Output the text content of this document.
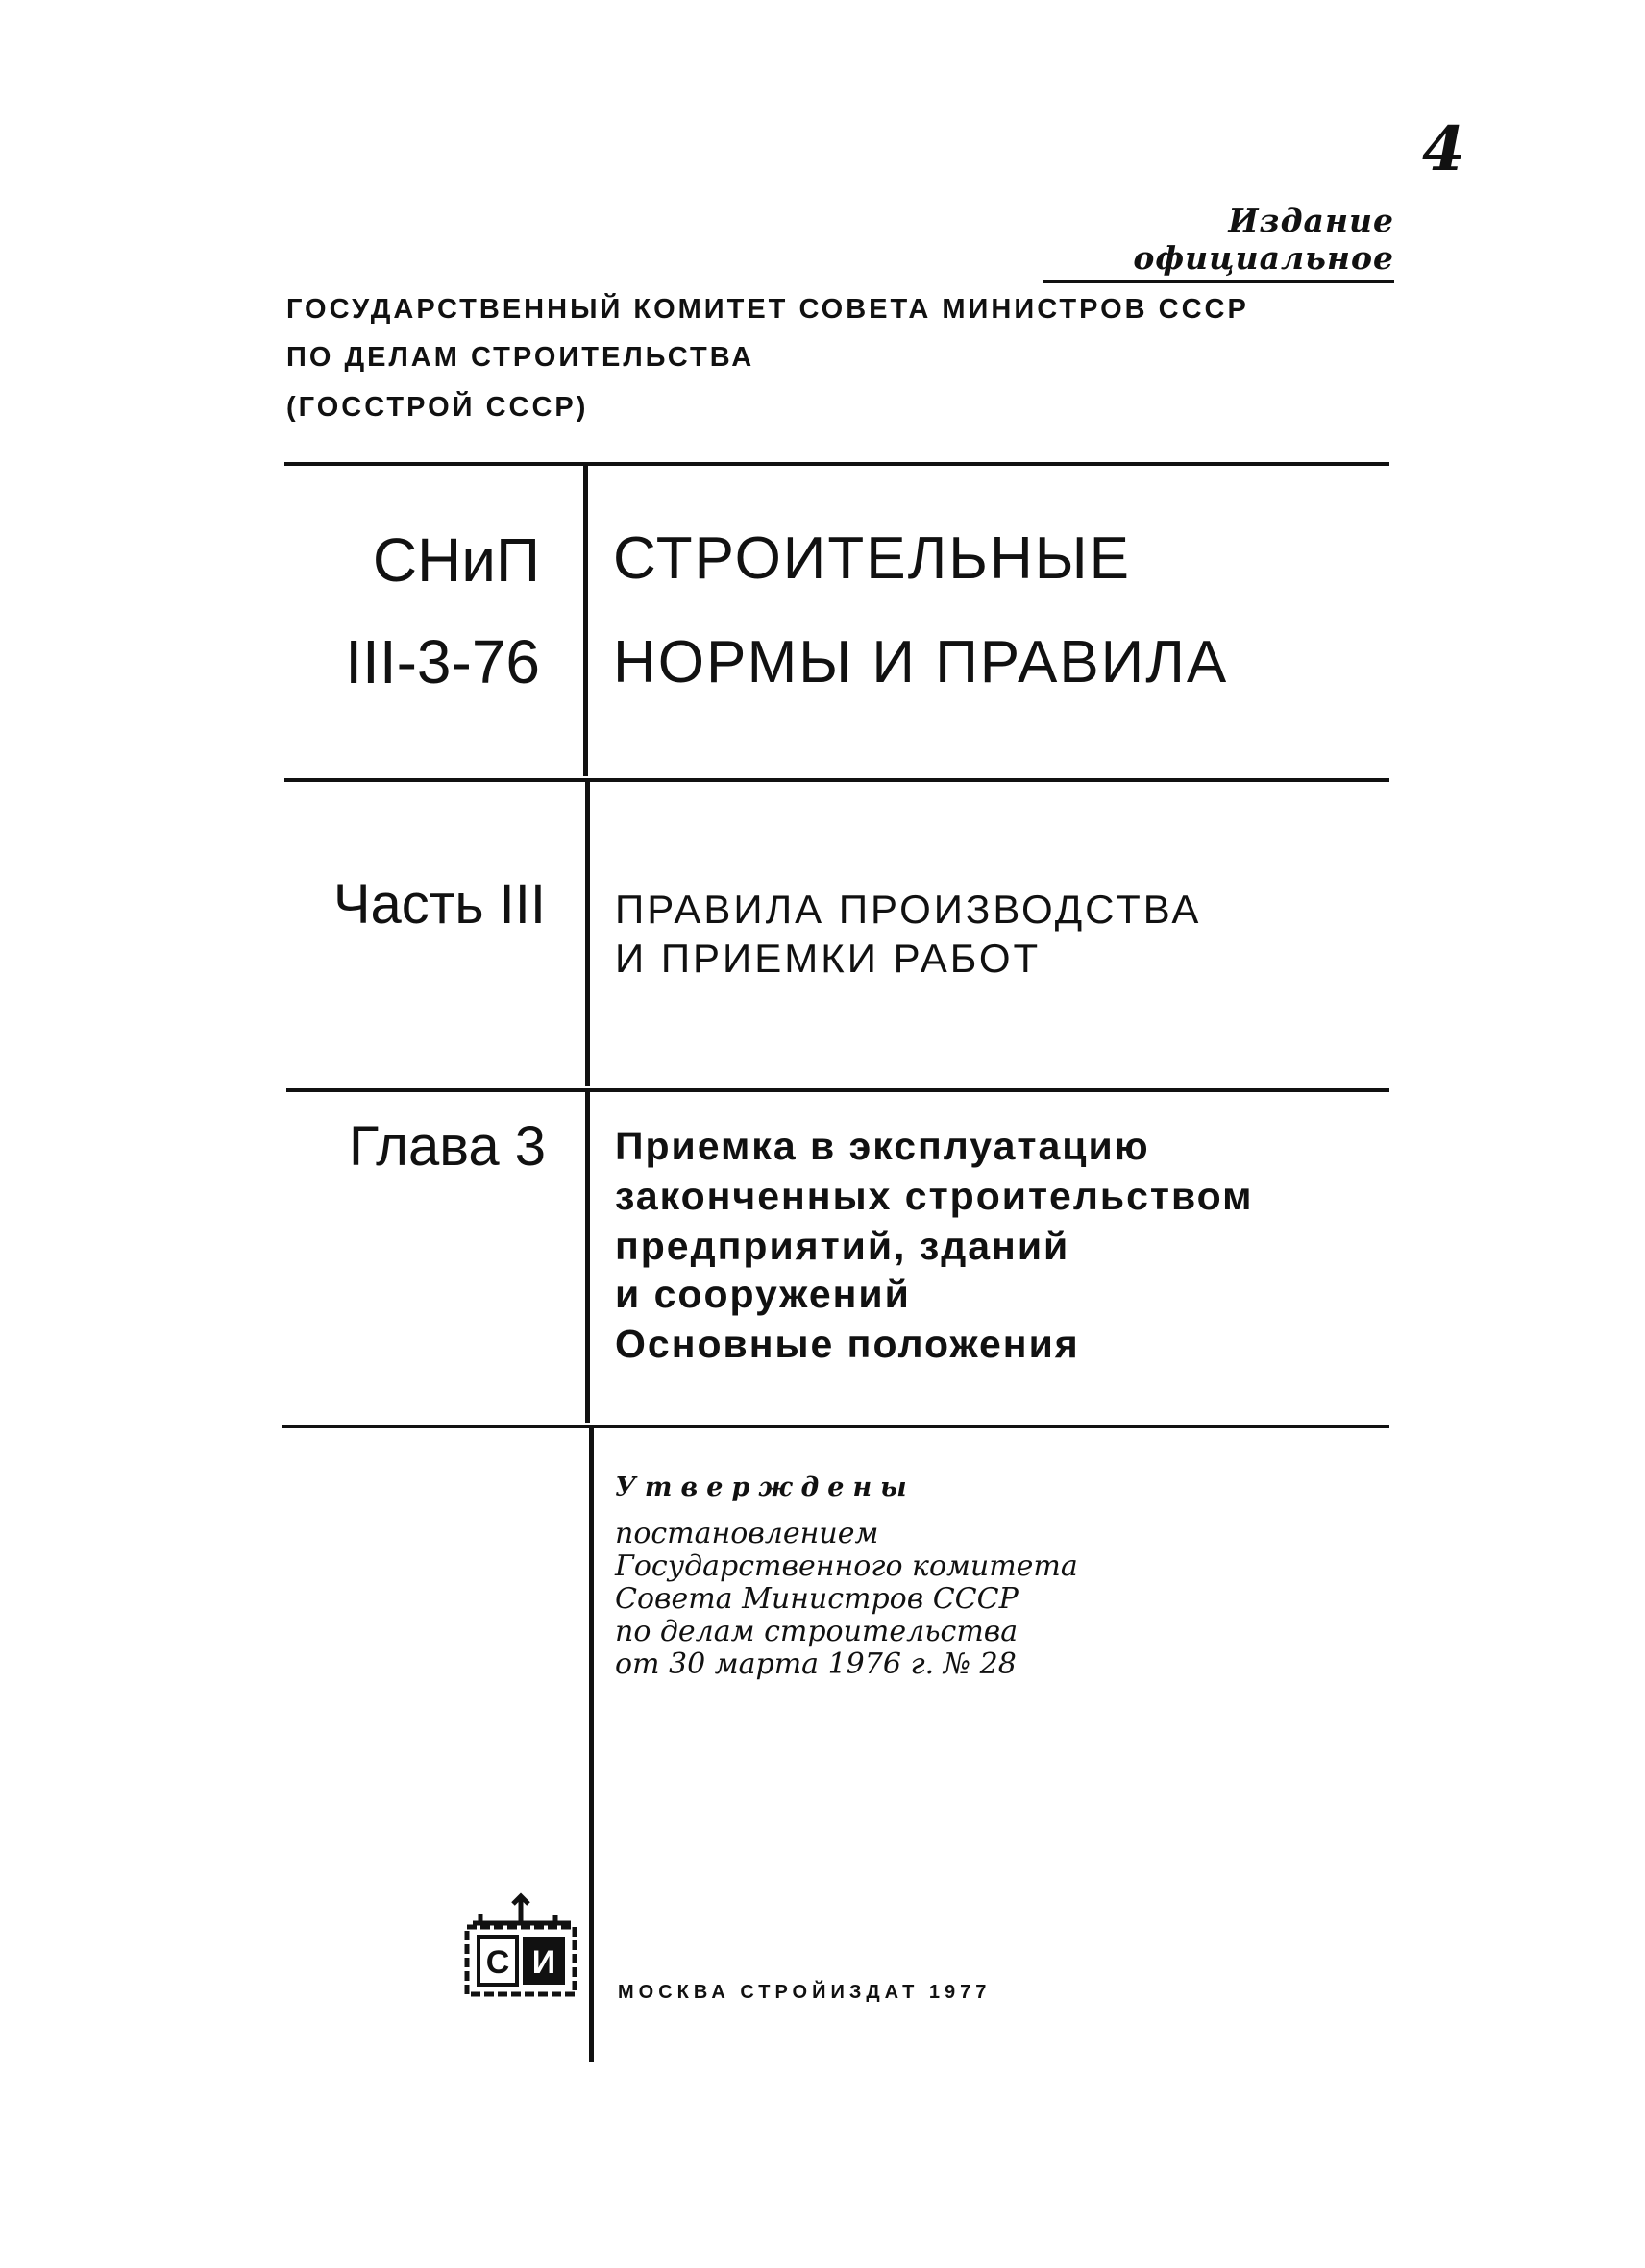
4
Издание официальное
ГОСУДАРСТВЕННЫЙ КОМИТЕТ СОВЕТА МИНИСТРОВ СССР
ПО ДЕЛАМ СТРОИТЕЛЬСТВА
(ГОССТРОЙ СССР)
СНиП
III-3-76
СТРОИТЕЛЬНЫЕ
НОРМЫ И ПРАВИЛА
Часть III ПРАВИЛА ПРОИЗВОДСТВА
И ПРИЕМКИ РАБОТ
Глава 3 Приемка в эксплуатацию
законченных строительством
предприятий, зданий
и сооружений
Основные положения
Утверждены
постановлением
Государственного комитета
Совета Министров СССР
по делам строительства
от 30 марта 1976 г. № 28
С И
МОСКВА СТРОЙИЗДАТ 1977
